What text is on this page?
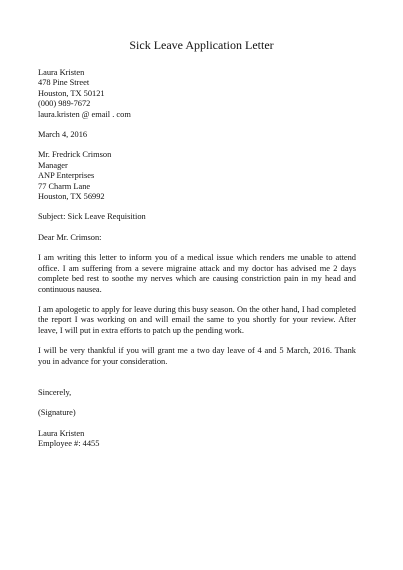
Sick Leave Application Letter
Laura Kristen
478 Pine Street
Houston, TX 50121
(000) 989-7672
laura.kristen @ email . com
March 4, 2016
Mr. Fredrick Crimson
Manager
ANP Enterprises
77 Charm Lane
Houston, TX 56992
Subject: Sick Leave Requisition
Dear Mr. Crimson:

I am writing this letter to inform you of a medical issue which renders me unable to attend office. I am suffering from a severe migraine attack and my doctor has advised me 2 days complete bed rest to soothe my nerves which are causing constriction pain in my head and continuous nausea.

I am apologetic to apply for leave during this busy season. On the other hand, I had completed the report I was working on and will email the same to you shortly for your review. After leave, I will put in extra efforts to patch up the pending work.

I will be very thankful if you will grant me a two day leave of 4 and 5 March, 2016. Thank you in advance for your consideration.

Sincerely,
(Signature)
Laura Kristen
Employee #: 4455
